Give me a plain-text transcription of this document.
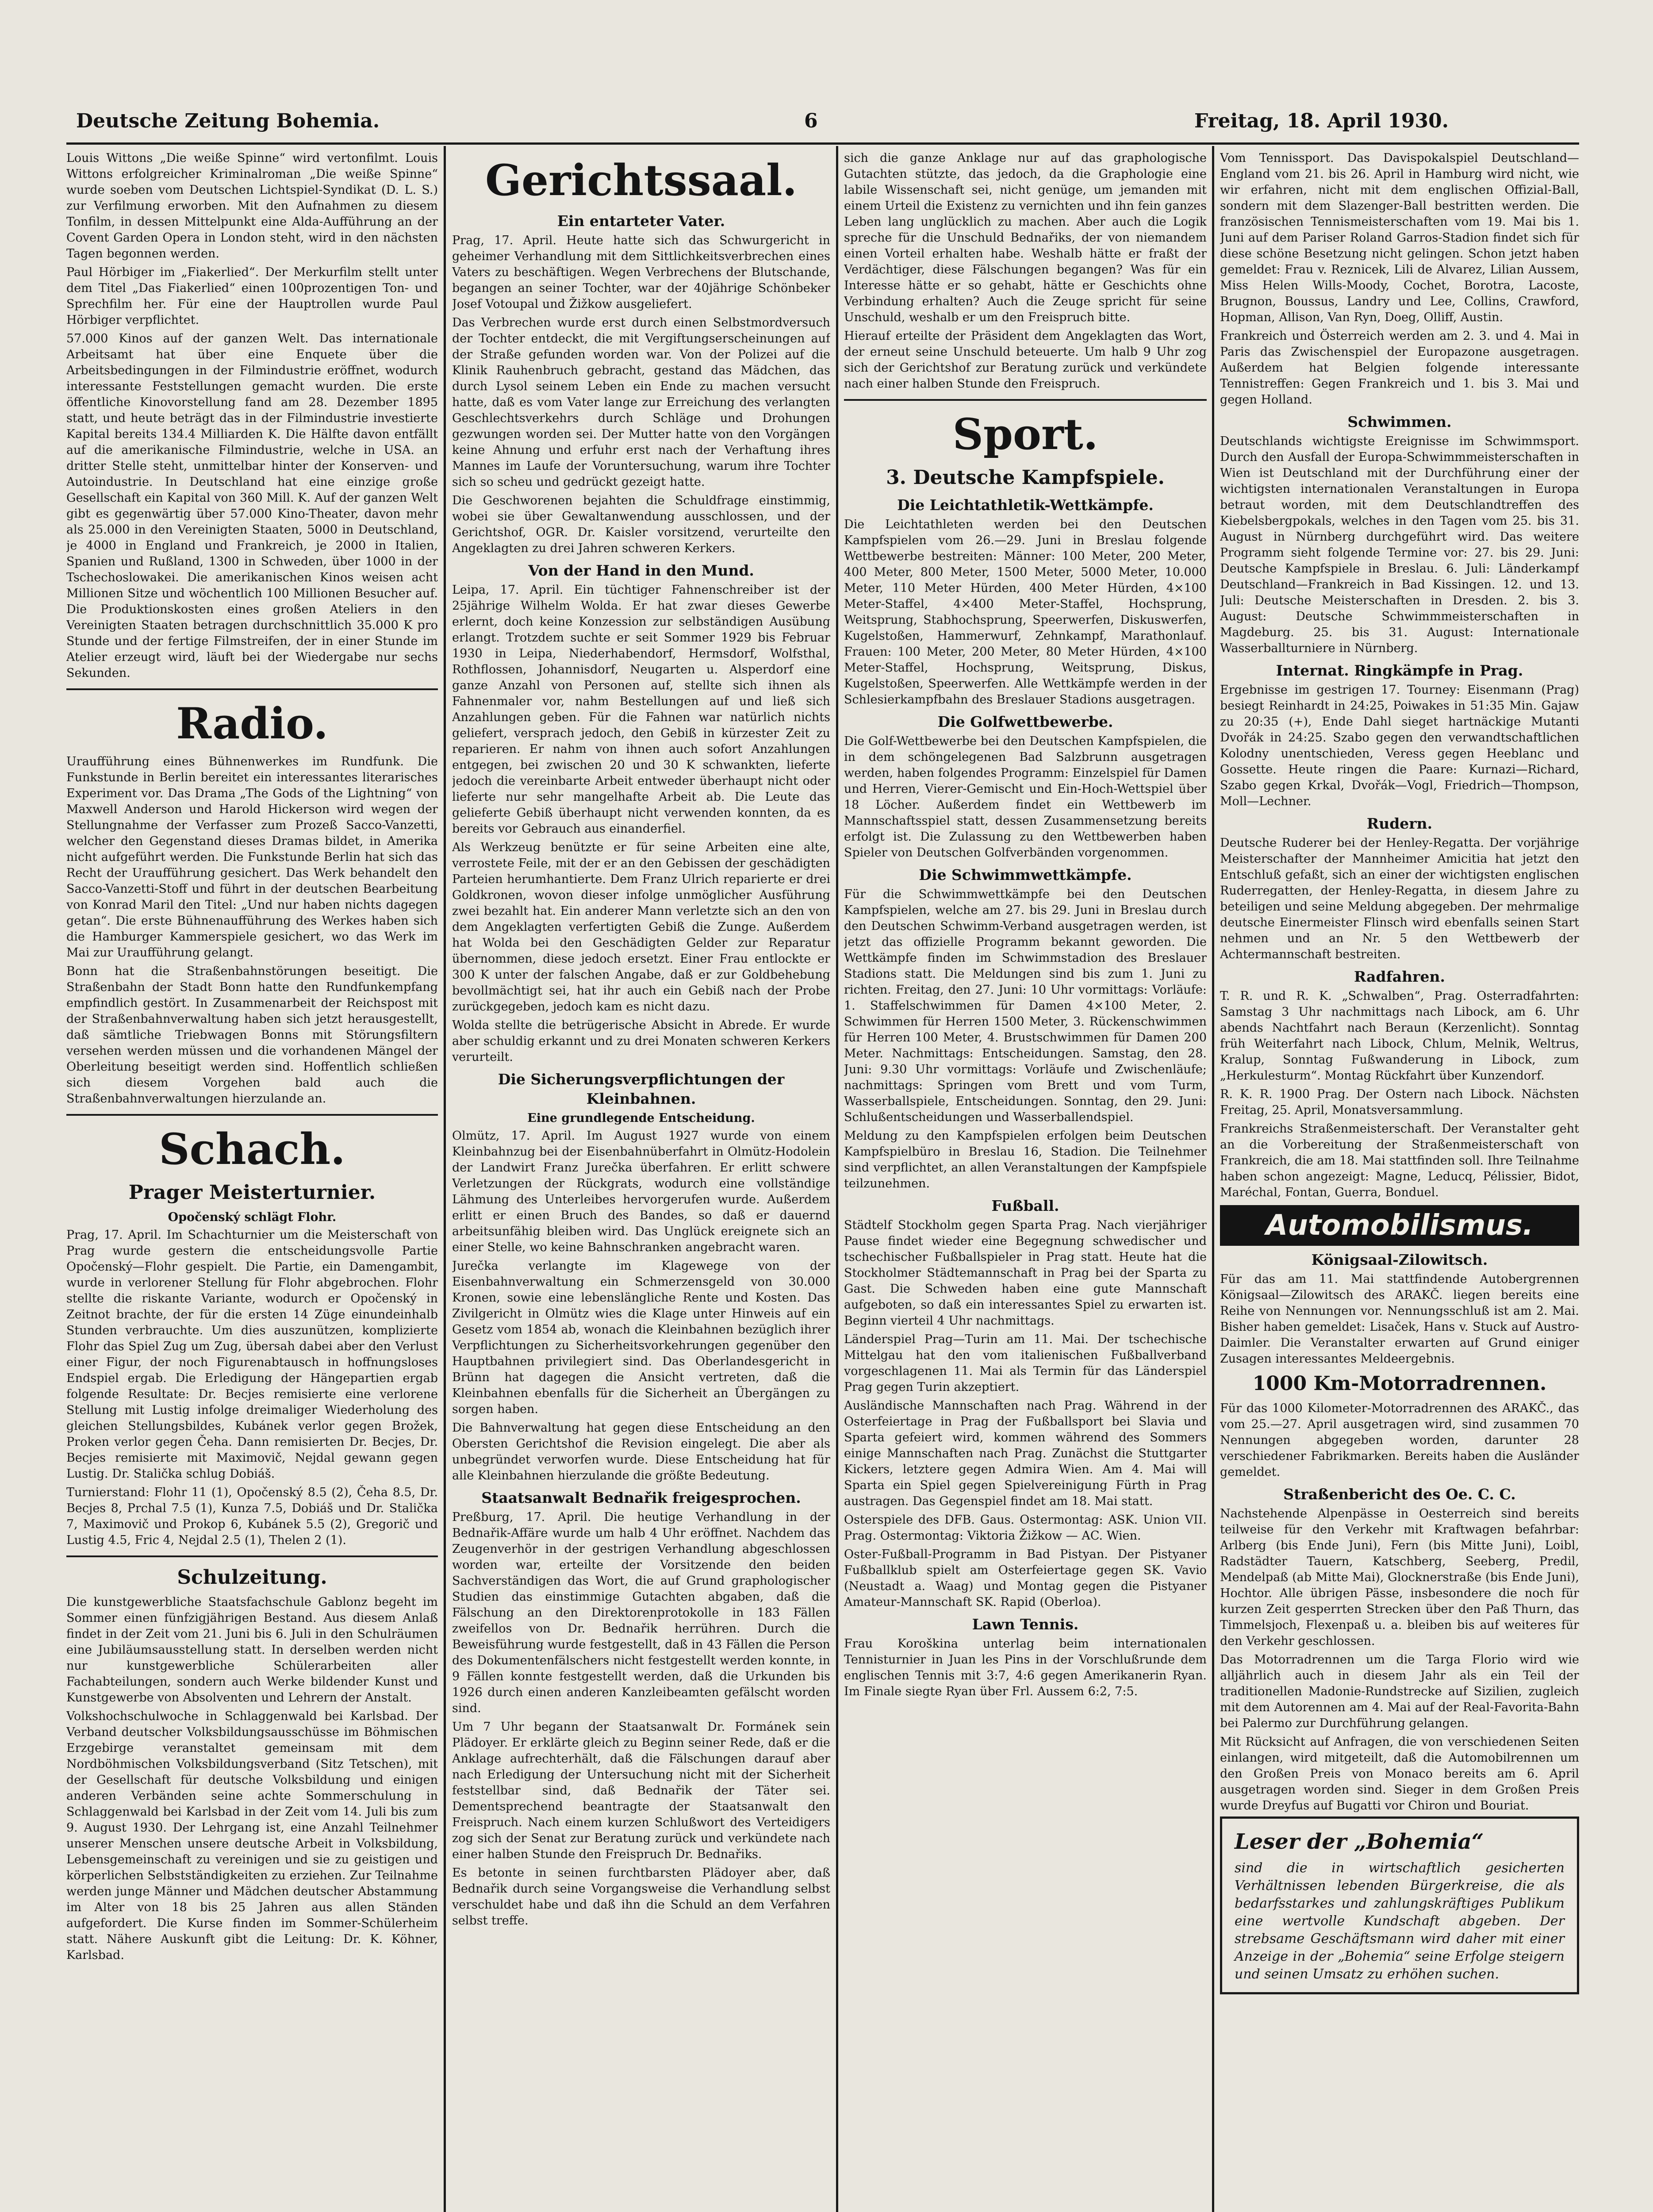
Deutsche Zeitung Bohemia.	6	Freitag, 18. April 1930.

Louis Wittons „Die weiße Spinne“ wird vertonfilmt. Louis Wittons erfolgreicher Kriminalroman „Die weiße Spinne“ wurde soeben vom Deutschen Lichtspiel-Syndikat (D. L. S.) zur Verfilmung erworben. Mit den Aufnahmen zu diesem Tonfilm, in dessen Mittelpunkt eine Alda-Aufführung an der Covent Garden Opera in London steht, wird in den nächsten Tagen begonnen werden.

Paul Hörbiger im „Fiakerlied“. Der Merkurfilm stellt unter dem Titel „Das Fiakerlied“ einen 100prozentigen Ton- und Sprechfilm her. Für eine der Hauptrollen wurde Paul Hörbiger verpflichtet.

57.000 Kinos auf der ganzen Welt. Das internationale Arbeitsamt hat über eine Enquete über die Arbeitsbedingungen in der Filmindustrie eröffnet, wodurch interessante Feststellungen gemacht wurden. Die erste öffentliche Kinovorstellung fand am 28. Dezember 1895 statt, und heute beträgt das in der Filmindustrie investierte Kapital bereits 134.4 Milliarden K. Die Hälfte davon entfällt auf die amerikanische Filmindustrie, welche in USA. an dritter Stelle steht, unmittelbar hinter der Konserven- und Autoindustrie. In Deutschland hat eine einzige große Gesellschaft ein Kapital von 360 Mill. K. Auf der ganzen Welt gibt es gegenwärtig über 57.000 Kino-Theater, davon mehr als 25.000 in den Vereinigten Staaten, 5000 in Deutschland, je 4000 in England und Frankreich, je 2000 in Italien, Spanien und Rußland, 1300 in Schweden, über 1000 in der Tschechoslowakei. Die amerikanischen Kinos weisen acht Millionen Sitze und wöchentlich 100 Millionen Besucher auf. Die Produktionskosten eines großen Ateliers in den Vereinigten Staaten betragen durchschnittlich 35.000 K pro Stunde und der fertige Filmstreifen, der in einer Stunde im Atelier erzeugt wird, läuft bei der Wiedergabe nur sechs Sekunden.

Radio.

Uraufführung eines Bühnenwerkes im Rundfunk. Die Funkstunde in Berlin bereitet ein interessantes literarisches Experiment vor. Das Drama „The Gods of the Lightning“ von Maxwell Anderson und Harold Hickerson wird wegen der Stellungnahme der Verfasser zum Prozeß Sacco-Vanzetti, welcher den Gegenstand dieses Dramas bildet, in Amerika nicht aufgeführt werden. Die Funkstunde Berlin hat sich das Recht der Uraufführung gesichert. Das Werk behandelt den Sacco-Vanzetti-Stoff und führt in der deutschen Bearbeitung von Konrad Maril den Titel: „Und nur haben nichts dagegen getan“. Die erste Bühnenaufführung des Werkes haben sich die Hamburger Kammerspiele gesichert, wo das Werk im Mai zur Uraufführung gelangt.

Bonn hat die Straßenbahnstörungen beseitigt. Die Straßenbahn der Stadt Bonn hatte den Rundfunkempfang empfindlich gestört. In Zusammenarbeit der Reichspost mit der Straßenbahnverwaltung haben sich jetzt herausgestellt, daß sämtliche Triebwagen Bonns mit Störungsfiltern versehen werden müssen und die vorhandenen Mängel der Oberleitung beseitigt werden sind. Hoffentlich schließen sich diesem Vorgehen bald auch die Straßenbahnverwaltungen hierzulande an.

Schach.
Prager Meisterturnier.
Opočenský schlägt Flohr.

Prag, 17. April. Im Schachturnier um die Meisterschaft von Prag wurde gestern die entscheidungsvolle Partie Opočenský—Flohr gespielt. Die Partie, ein Damengambit, wurde in verlorener Stellung für Flohr abgebrochen. Flohr stellte die riskante Variante, wodurch er Opočenský in Zeitnot brachte, der für die ersten 14 Züge einundeinhalb Stunden verbrauchte. Um dies auszunützen, komplizierte Flohr das Spiel Zug um Zug, übersah dabei aber den Verlust einer Figur, der noch Figurenabtausch in hoffnungsloses Endspiel ergab. Die Erledigung der Hängepartien ergab folgende Resultate: Dr. Becjes remisierte eine verlorene Stellung mit Lustig infolge dreimaliger Wiederholung des gleichen Stellungsbildes, Kubánek verlor gegen Brožek, Proken verlor gegen Čeha. Dann remisierten Dr. Becjes, Dr. Becjes remisierte mit Maximovič, Nejdal gewann gegen Lustig. Dr. Stalička schlug Dobiáš.

Turnierstand: Flohr 11 (1), Opočenský 8.5 (2), Čeha 8.5, Dr. Becjes 8, Prchal 7.5 (1), Kunza 7.5, Dobiáš und Dr. Stalička 7, Maximovič und Prokop 6, Kubánek 5.5 (2), Gregorič und Lustig 4.5, Fric 4, Nejdal 2.5 (1), Thelen 2 (1).

Schulzeitung.

Die kunstgewerbliche Staatsfachschule Gablonz begeht im Sommer einen fünfzigjährigen Bestand. Aus diesem Anlaß findet in der Zeit vom 21. Juni bis 6. Juli in den Schulräumen eine Jubiläumsausstellung statt. In derselben werden nicht nur kunstgewerbliche Schülerarbeiten aller Fachabteilungen, sondern auch Werke bildender Kunst und Kunstgewerbe von Absolventen und Lehrern der Anstalt.

Volkshochschulwoche in Schlaggenwald bei Karlsbad. Der Verband deutscher Volksbildungsausschüsse im Böhmischen Erzgebirge veranstaltet gemeinsam mit dem Nordböhmischen Volksbildungsverband (Sitz Tetschen), mit der Gesellschaft für deutsche Volksbildung und einigen anderen Verbänden seine achte Sommerschulung in Schlaggenwald bei Karlsbad in der Zeit vom 14. Juli bis zum 9. August 1930. Der Lehrgang ist, eine Anzahl Teilnehmer unserer Menschen unsere deutsche Arbeit in Volksbildung, Lebensgemeinschaft zu vereinigen und sie zu geistigen und körperlichen Selbstständigkeiten zu erziehen. Zur Teilnahme werden junge Männer und Mädchen deutscher Abstammung im Alter von 18 bis 25 Jahren aus allen Ständen aufgefordert. Die Kurse finden im Sommer-Schülerheim statt. Nähere Auskunft gibt die Leitung: Dr. K. Köhner, Karlsbad.

Gerichtssaal.
Ein entarteter Vater.

Prag, 17. April. Heute hatte sich das Schwurgericht in geheimer Verhandlung mit dem Sittlichkeitsverbrechen eines Vaters zu beschäftigen. Wegen Verbrechens der Blutschande, begangen an seiner Tochter, war der 40jährige Schönbeker Josef Votoupal und Žižkow ausgeliefert.

Das Verbrechen wurde erst durch einen Selbstmordversuch der Tochter entdeckt, die mit Vergiftungserscheinungen auf der Straße gefunden worden war. Von der Polizei auf die Klinik Rauhenbruch gebracht, gestand das Mädchen, das durch Lysol seinem Leben ein Ende zu machen versucht hatte, daß es vom Vater lange zur Erreichung des verlangten Geschlechtsverkehrs durch Schläge und Drohungen gezwungen worden sei. Der Mutter hatte von den Vorgängen keine Ahnung und erfuhr erst nach der Verhaftung ihres Mannes im Laufe der Voruntersuchung, warum ihre Tochter sich so scheu und gedrückt gezeigt hatte.

Die Geschworenen bejahten die Schuldfrage einstimmig, wobei sie über Gewaltanwendung ausschlossen, und der Gerichtshof, OGR. Dr. Kaisler vorsitzend, verurteilte den Angeklagten zu drei Jahren schweren Kerkers.

Von der Hand in den Mund.

Leipa, 17. April. Ein tüchtiger Fahnenschreiber ist der 25jährige Wilhelm Wolda. Er hat zwar dieses Gewerbe erlernt, doch keine Konzession zur selbständigen Ausübung erlangt. Trotzdem suchte er seit Sommer 1929 bis Februar 1930 in Leipa, Niederhabendorf, Hermsdorf, Wolfsthal, Rothflossen, Johannisdorf, Neugarten u. Alsperdorf eine ganze Anzahl von Personen auf, stellte sich ihnen als Fahnenmaler vor, nahm Bestellungen auf und ließ sich Anzahlungen geben. Für die Fahnen war natürlich nichts geliefert, versprach jedoch, den Gebiß in kürzester Zeit zu reparieren. Er nahm von ihnen auch sofort Anzahlungen entgegen, bei zwischen 20 und 30 K schwankten, lieferte jedoch die vereinbarte Arbeit entweder überhaupt nicht oder lieferte nur sehr mangelhafte Arbeit ab. Die Leute das gelieferte Gebiß überhaupt nicht verwenden konnten, da es bereits vor Gebrauch aus einanderfiel.

Als Werkzeug benützte er für seine Arbeiten eine alte, verrostete Feile, mit der er an den Gebissen der geschädigten Parteien herumhantierte. Dem Franz Ulrich reparierte er drei Goldkronen, wovon dieser infolge unmöglicher Ausführung zwei bezahlt hat. Ein anderer Mann verletzte sich an den von dem Angeklagten verfertigten Gebiß die Zunge. Außerdem hat Wolda bei den Geschädigten Gelder zur Reparatur übernommen, diese jedoch ersetzt. Einer Frau entlockte er 300 K unter der falschen Angabe, daß er zur Goldbehebung bevollmächtigt sei, hat ihr auch ein Gebiß nach der Probe zurückgegeben, jedoch kam es nicht dazu.

Wolda stellte die betrügerische Absicht in Abrede. Er wurde aber schuldig erkannt und zu drei Monaten schweren Kerkers verurteilt.

Die Sicherungsverpflichtungen der Kleinbahnen.
Eine grundlegende Entscheidung.

Olmütz, 17. April. Im August 1927 wurde von einem Kleinbahnzug bei der Eisenbahnüberfahrt in Olmütz-Hodolein der Landwirt Franz Jurečka überfahren. Er erlitt schwere Verletzungen der Rückgrats, wodurch eine vollständige Lähmung des Unterleibes hervorgerufen wurde. Außerdem erlitt er einen Bruch des Bandes, so daß er dauernd arbeitsunfähig bleiben wird. Das Unglück ereignete sich an einer Stelle, wo keine Bahnschranken angebracht waren.

Jurečka verlangte im Klagewege von der Eisenbahnverwaltung ein Schmerzensgeld von 30.000 Kronen, sowie eine lebenslängliche Rente und Kosten. Das Zivilgericht in Olmütz wies die Klage unter Hinweis auf ein Gesetz vom 1854 ab, wonach die Kleinbahnen bezüglich ihrer Verpflichtungen zu Sicherheitsvorkehrungen gegenüber den Hauptbahnen privilegiert sind. Das Oberlandesgericht in Brünn hat dagegen die Ansicht vertreten, daß die Kleinbahnen ebenfalls für die Sicherheit an Übergängen zu sorgen haben.

Die Bahnverwaltung hat gegen diese Entscheidung an den Obersten Gerichtshof die Revision eingelegt. Die aber als unbegründet verworfen wurde. Diese Entscheidung hat für alle Kleinbahnen hierzulande die größte Bedeutung.

Staatsanwalt Bednařik freigesprochen.

Preßburg, 17. April. Die heutige Verhandlung in der Bednařik-Affäre wurde um halb 4 Uhr eröffnet. Nachdem das Zeugenverhör in der gestrigen Verhandlung abgeschlossen worden war, erteilte der Vorsitzende den beiden Sachverständigen das Wort, die auf Grund graphologischer Studien das einstimmige Gutachten abgaben, daß die Fälschung an den Direktorenprotokolle in 183 Fällen zweifellos von Dr. Bednařik herrühren. Durch die Beweisführung wurde festgestellt, daß in 43 Fällen die Person des Dokumentenfälschers nicht festgestellt werden konnte, in 9 Fällen konnte festgestellt werden, daß die Urkunden bis 1926 durch einen anderen Kanzleibeamten gefälscht worden sind.

Um 7 Uhr begann der Staatsanwalt Dr. Formánek sein Plädoyer. Er erklärte gleich zu Beginn seiner Rede, daß er die Anklage aufrechterhält, daß die Fälschungen darauf aber nach Erledigung der Untersuchung nicht mit der Sicherheit feststellbar sind, daß Bednařik der Täter sei. Dementsprechend beantragte der Staatsanwalt den Freispruch. Nach einem kurzen Schlußwort des Verteidigers zog sich der Senat zur Beratung zurück und verkündete nach einer halben Stunde den Freispruch Dr. Bednařiks.

Es betonte in seinen furchtbarsten Plädoyer aber, daß Bednařik durch seine Vorgangsweise die Verhandlung selbst verschuldet habe und daß ihn die Schuld an dem Verfahren selbst treffe.

sich die ganze Anklage nur auf das graphologische Gutachten stützte, das jedoch, da die Graphologie eine labile Wissenschaft sei, nicht genüge, um jemanden mit einem Urteil die Existenz zu vernichten und ihn fein ganzes Leben lang unglücklich zu machen. Aber auch die Logik spreche für die Unschuld Bednařiks, der von niemandem einen Vorteil erhalten habe. Weshalb hätte er fraßt der Verdächtiger, diese Fälschungen begangen? Was für ein Interesse hätte er so gehabt, hätte er Geschichts ohne Verbindung erhalten? Auch die Zeuge spricht für seine Unschuld, weshalb er um den Freispruch bitte.

Hierauf erteilte der Präsident dem Angeklagten das Wort, der erneut seine Unschuld beteuerte. Um halb 9 Uhr zog sich der Gerichtshof zur Beratung zurück und verkündete nach einer halben Stunde den Freispruch.

Sport.
3. Deutsche Kampfspiele.
Die Leichtathletik-Wettkämpfe.

Die Leichtathleten werden bei den Deutschen Kampfspielen vom 26.—29. Juni in Breslau folgende Wettbewerbe bestreiten: Männer: 100 Meter, 200 Meter, 400 Meter, 800 Meter, 1500 Meter, 5000 Meter, 10.000 Meter, 110 Meter Hürden, 400 Meter Hürden, 4×100 Meter-Staffel, 4×400 Meter-Staffel, Hochsprung, Weitsprung, Stabhochsprung, Speerwerfen, Diskuswerfen, Kugelstoßen, Hammerwurf, Zehnkampf, Marathonlauf. Frauen: 100 Meter, 200 Meter, 80 Meter Hürden, 4×100 Meter-Staffel, Hochsprung, Weitsprung, Diskus, Kugelstoßen, Speerwerfen. Alle Wettkämpfe werden in der Schlesierkampfbahn des Breslauer Stadions ausgetragen.

Die Golfwettbewerbe.

Die Golf-Wettbewerbe bei den Deutschen Kampfspielen, die in dem schöngelegenen Bad Salzbrunn ausgetragen werden, haben folgendes Programm: Einzelspiel für Damen und Herren, Vierer-Gemischt und Ein-Hoch-Wettspiel über 18 Löcher. Außerdem findet ein Wettbewerb im Mannschaftsspiel statt, dessen Zusammensetzung bereits erfolgt ist. Die Zulassung zu den Wettbewerben haben Spieler von Deutschen Golfverbänden vorgenommen.

Die Schwimmwettkämpfe.

Für die Schwimmwettkämpfe bei den Deutschen Kampfspielen, welche am 27. bis 29. Juni in Breslau durch den Deutschen Schwimm-Verband ausgetragen werden, ist jetzt das offizielle Programm bekannt geworden. Die Wettkämpfe finden im Schwimmstadion des Breslauer Stadions statt. Die Meldungen sind bis zum 1. Juni zu richten. Freitag, den 27. Juni: 10 Uhr vormittags: Vorläufe: 1. Staffelschwimmen für Damen 4×100 Meter, 2. Schwimmen für Herren 1500 Meter, 3. Rückenschwimmen für Herren 100 Meter, 4. Brustschwimmen für Damen 200 Meter. Nachmittags: Entscheidungen. Samstag, den 28. Juni: 9.30 Uhr vormittags: Vorläufe und Zwischenläufe; nachmittags: Springen vom Brett und vom Turm, Wasserballspiele, Entscheidungen. Sonntag, den 29. Juni: Schlußentscheidungen und Wasserballendspiel.

Meldung zu den Kampfspielen erfolgen beim Deutschen Kampfspielbüro in Breslau 16, Stadion. Die Teilnehmer sind verpflichtet, an allen Veranstaltungen der Kampfspiele teilzunehmen.

Fußball.

Städtelf Stockholm gegen Sparta Prag. Nach vierjähriger Pause findet wieder eine Begegnung schwedischer und tschechischer Fußballspieler in Prag statt. Heute hat die Stockholmer Städtemannschaft in Prag bei der Sparta zu Gast. Die Schweden haben eine gute Mannschaft aufgeboten, so daß ein interessantes Spiel zu erwarten ist. Beginn vierteil 4 Uhr nachmittags.

Länderspiel Prag—Turin am 11. Mai. Der tschechische Mittelgau hat den vom italienischen Fußballverband vorgeschlagenen 11. Mai als Termin für das Länderspiel Prag gegen Turin akzeptiert.

Ausländische Mannschaften nach Prag. Während in der Osterfeiertage in Prag der Fußballsport bei Slavia und Sparta gefeiert wird, kommen während des Sommers einige Mannschaften nach Prag. Zunächst die Stuttgarter Kickers, letztere gegen Admira Wien. Am 4. Mai will Sparta ein Spiel gegen Spielvereinigung Fürth in Prag austragen. Das Gegenspiel findet am 18. Mai statt.

Osterspiele des DFB. Gaus. Ostermontag: ASK. Union VII. Prag. Ostermontag: Viktoria Žižkow — AC. Wien.

Oster-Fußball-Programm in Bad Pistyan. Der Pistyaner Fußballklub spielt am Osterfeiertage gegen SK. Vavio (Neustadt a. Waag) und Montag gegen die Pistyaner Amateur-Mannschaft SK. Rapid (Oberloa).

Lawn Tennis.

Frau Koroškina unterlag beim internationalen Tennisturnier in Juan les Pins in der Vorschlußrunde dem englischen Tennis mit 3:7, 4:6 gegen Amerikanerin Ryan. Im Finale siegte Ryan über Frl. Aussem 6:2, 7:5.

Vom Tennissport. Das Davispokalspiel Deutschland—England vom 21. bis 26. April in Hamburg wird nicht, wie wir erfahren, nicht mit dem englischen Offizial-Ball, sondern mit dem Slazenger-Ball bestritten werden. Die französischen Tennismeisterschaften vom 19. Mai bis 1. Juni auf dem Pariser Roland Garros-Stadion findet sich für diese schöne Besetzung nicht gelingen. Schon jetzt haben gemeldet: Frau v. Reznicek, Lili de Alvarez, Lilian Aussem, Miss Helen Wills-Moody, Cochet, Borotra, Lacoste, Brugnon, Boussus, Landry und Lee, Collins, Crawford, Hopman, Allison, Van Ryn, Doeg, Olliff, Austin.

Frankreich und Österreich werden am 2. 3. und 4. Mai in Paris das Zwischenspiel der Europazone ausgetragen. Außerdem hat Belgien folgende interessante Tennistreffen: Gegen Frankreich und 1. bis 3. Mai und gegen Holland.

Schwimmen.

Deutschlands wichtigste Ereignisse im Schwimmsport. Durch den Ausfall der Europa-Schwimmmeisterschaften in Wien ist Deutschland mit der Durchführung einer der wichtigsten internationalen Veranstaltungen in Europa betraut worden, mit dem Deutschlandtreffen des Kiebelsbergpokals, welches in den Tagen vom 25. bis 31. August in Nürnberg durchgeführt wird. Das weitere Programm sieht folgende Termine vor: 27. bis 29. Juni: Deutsche Kampfspiele in Breslau. 6. Juli: Länderkampf Deutschland—Frankreich in Bad Kissingen. 12. und 13. Juli: Deutsche Meisterschaften in Dresden. 2. bis 3. August: Deutsche Schwimmmeisterschaften in Magdeburg. 25. bis 31. August: Internationale Wasserballturniere in Nürnberg.

Internat. Ringkämpfe in Prag.

Ergebnisse im gestrigen 17. Tourney: Eisenmann (Prag) besiegt Reinhardt in 24:25, Poiwakes in 51:35 Min. Gajaw zu 20:35 (+), Ende Dahl sieget hartnäckige Mutanti Dvořák in 24:25. Szabo gegen den verwandtschaftlichen Kolodny unentschieden, Veress gegen Heeblanc und Gossette. Heute ringen die Paare: Kurnazi—Richard, Szabo gegen Krkal, Dvořák—Vogl, Friedrich—Thompson, Moll—Lechner.

Rudern.

Deutsche Ruderer bei der Henley-Regatta. Der vorjährige Meisterschafter der Mannheimer Amicitia hat jetzt den Entschluß gefaßt, sich an einer der wichtigsten englischen Ruderregatten, der Henley-Regatta, in diesem Jahre zu beteiligen und seine Meldung abgegeben. Der mehrmalige deutsche Einermeister Flinsch wird ebenfalls seinen Start nehmen und an Nr. 5 den Wettbewerb der Achtermannschaft bestreiten.

Radfahren.

T. R. und R. K. „Schwalben“, Prag. Osterradfahrten: Samstag 3 Uhr nachmittags nach Libock, am 6. Uhr abends Nachtfahrt nach Beraun (Kerzenlicht). Sonntag früh Weiterfahrt nach Libock, Chlum, Melnik, Weltrus, Kralup, Sonntag Fußwanderung in Libock, zum „Herkulesturm“. Montag Rückfahrt über Kunzendorf.

R. K. R. 1900 Prag. Der Ostern nach Libock. Nächsten Freitag, 25. April, Monatsversammlung.

Frankreichs Straßenmeisterschaft. Der Veranstalter geht an die Vorbereitung der Straßenmeisterschaft von Frankreich, die am 18. Mai stattfinden soll. Ihre Teilnahme haben schon angezeigt: Magne, Leducq, Pélissier, Bidot, Maréchal, Fontan, Guerra, Bonduel.

Automobilismus.
Königsaal-Zilowitsch.

Für das am 11. Mai stattfindende Autobergrennen Königsaal—Zilowitsch des ARAKČ. liegen bereits eine Reihe von Nennungen vor. Nennungsschluß ist am 2. Mai. Bisher haben gemeldet: Lisaček, Hans v. Stuck auf Austro-Daimler. Die Veranstalter erwarten auf Grund einiger Zusagen interessantes Meldeergebnis.

1000 Km-Motorradrennen.

Für das 1000 Kilometer-Motorradrennen des ARAKČ., das vom 25.—27. April ausgetragen wird, sind zusammen 70 Nennungen abgegeben worden, darunter 28 verschiedener Fabrikmarken. Bereits haben die Ausländer gemeldet.

Straßenbericht des Oe. C. C.

Nachstehende Alpenpässe in Oesterreich sind bereits teilweise für den Verkehr mit Kraftwagen befahrbar: Arlberg (bis Ende Juni), Fern (bis Mitte Juni), Loibl, Radstädter Tauern, Katschberg, Seeberg, Predil, Mendelpaß (ab Mitte Mai), Glocknerstraße (bis Ende Juni), Hochtor. Alle übrigen Pässe, insbesondere die noch für kurzen Zeit gesperrten Strecken über den Paß Thurn, das Timmelsjoch, Flexenpaß u. a. bleiben bis auf weiteres für den Verkehr geschlossen.

Das Motorradrennen um die Targa Florio wird wie alljährlich auch in diesem Jahr als ein Teil der traditionellen Madonie-Rundstrecke auf Sizilien, zugleich mit dem Autorennen am 4. Mai auf der Real-Favorita-Bahn bei Palermo zur Durchführung gelangen.

Mit Rücksicht auf Anfragen, die von verschiedenen Seiten einlangen, wird mitgeteilt, daß die Automobilrennen um den Großen Preis von Monaco bereits am 6. April ausgetragen worden sind. Sieger in dem Großen Preis wurde Dreyfus auf Bugatti vor Chiron und Bouriat.

Leser der „Bohemia“
sind die in wirtschaftlich gesicherten Verhältnissen lebenden Bürgerkreise, die als bedarfsstarkes und zahlungskräftiges Publikum eine wertvolle Kundschaft abgeben. Der strebsame Geschäftsmann wird daher mit einer Anzeige in der „Bohemia“ seine Erfolge steigern und seinen Umsatz zu erhöhen suchen.
